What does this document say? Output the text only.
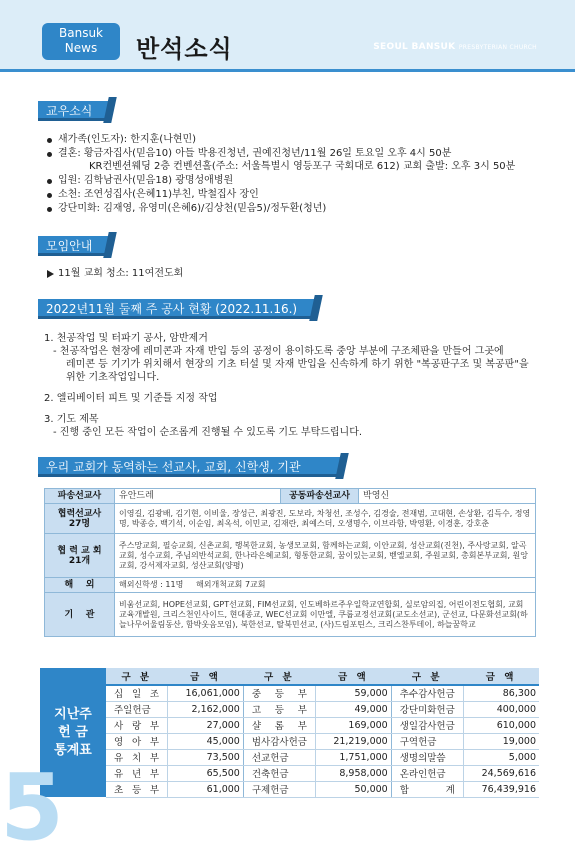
Bansuk
News	반석소식	SEOUL BANSUK PRESBYTERIAN CHURCH
교우소식
새가족(인도자): 한지훈(나현민)
결혼: 황금자집사(믿음10) 아들 박용진청년, 권예진청년/11월 26일 토요일 오후 4시 50분
KR컨벤션웨딩 2층 컨벤션홀(주소: 서울특별시 영등포구 국회대로 612) 교회 출발: 오후 3시 50분
입원: 김학남권사(믿음18) 광명성애병원
소천: 조연성집사(은혜11)부친, 박철집사 장인
강단미화: 김재영, 유영미(은혜6)/김상천(믿음5)/정두환(청년)
모임안내
11월 교회 청소: 11여전도회
2022년11월 둘째 주 공사 현황 (2022.11.16.)
1. 천공작업 및 터파기 공사, 암반제거
- 천공작업은 현장에 레미콘과 자재 반입 등의 공정이 용이하도록 중앙 부분에 구조체판을 만들어 그곳에
레미콘 등 기기가 위치해서 현장의 기초 터설 및 자재 반입을 신속하게 하기 위한 "복공판구조 및 복공판"을
위한 기초작업입니다.
2. 엘리베이터 피트 및 기준틀 지정 작업
3. 기도 제목
- 진행 중인 모든 작업이 순조롭게 진행될 수 있도록 기도 부탁드립니다.
우리 교회가 동역하는 선교사, 교회, 신학생, 기관
파송선교사	유안드레	공동파송선교사	박영신

협력선교사
27명	이영길, 김광배, 김기현, 이비울, 장성근, 최광진, 도보라, 차청선, 조성수, 김경술, 전재범, 고대현, 손상환, 김득수, 정영명, 박종승, 백기석, 이순임, 최옥석, 이민교, 김재란, 최예스더, 오생명수, 이브라함, 박영환, 이경훈, 강호춘		

협 력 교 회
21개	주스망교회, 필승교회, 신촌교회, 행복한교회, 농생모교회, 함께하는교회, 이안교회, 성산교회(진천), 주사랑교회, 알곡교회, 성수교회, 주님의반석교회, 한나라은혜교회, 형통한교회, 꿈이있는교회, 벧엘교회, 주원교회, 총회본부교회, 원앙교회, 강서제자교회, 성산교회(양평)		
해    외	해외신학생 : 11명     해외개척교회 7교회		
기    관	비움선교회, HOPE선교회, GPT선교회, FIM선교회, 인도베하르주우일학교연합회, 실로암의집, 어린이전도협회, 교회교육개발원, 크리스천인사이드, 현대종교, WEC선교회 이만엘, 쿠룹교정선교회(교도소선교), 군선교, 다문화선교회(하늘나무어울림동산, 함박웃음모임), 북한선교, 탈북민선교, (사)드림포틴스, 크리스찬투데이, 하늘꿈학교		
지난주
헌 금
통계표
구 분	금 액	구 분	금 액	구 분	금 액
십 일 조	16,061,000	중 등 부	59,000	추수감사헌금	86,300
주일헌금	2,162,000	고 등 부	49,000	강단미화헌금	400,000
사 랑 부	27,000	샬 롬 부	169,000	생일감사헌금	610,000
영 아 부	45,000	범사감사헌금	21,219,000	구역헌금	19,000
유 치 부	73,500	선교헌금	1,751,000	생명의말씀	5,000
유 년 부	65,500	건축헌금	8,958,000	온라인헌금	24,569,616
초 등 부	61,000	구제헌금	50,000	합 계	76,439,916
5
